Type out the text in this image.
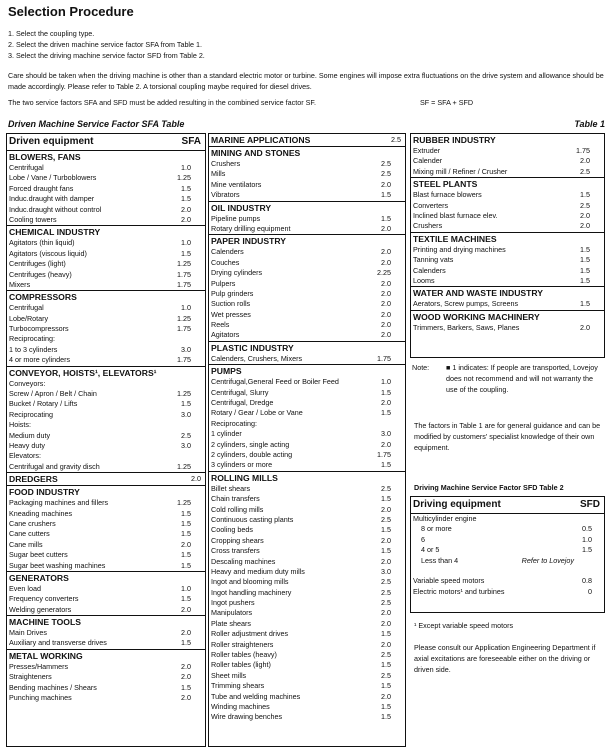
Selection Procedure
1. Select the coupling type.
2. Select the driven machine service factor SFA from Table 1.
3. Select the driving machine service factor SFD from Table 2.
Care should be taken when the driving machine is other than a standard electric motor or turbine. Some engines will impose extra fluctuations on the drive system and allowance should be made accordingly. Please refer to Table 2. A torsional coupling maybe required for diesel drives.
The two service factors SFA and SFD must be added resulting in the combined service factor SF.	SF = SFA + SFD
Driven Machine Service Factor SFA Table	Table 1
Driven equipment	SFA
BLOWERS, FANS
Centrifugal	1.0
Lobe / Vane / Turboblowers	1.25
Forced draught fans	1.5
Induc.draught with damper	1.5
Induc.draught without control	2.0
Cooling towers	2.0
CHEMICAL INDUSTRY
Agitators (thin liquid)	1.0
Agitators (viscous liquid)	1.5
Centrifuges (light)	1.25
Centrifuges (heavy)	1.75
Mixers	1.75
COMPRESSORS
Centrifugal	1.0
Lobe/Rotary	1.25
Turbocompressors	1.75
Reciprocating:
1 to 3 cylinders	3.0
4 or more cylinders	1.75
CONVEYOR, HOISTS¹, ELEVATORS¹
Conveyors:
Screw / Apron / Belt / Chain	1.25
Bucket / Rotary / Lifts	1.5
Reciprocating	3.0
Hoists:
Medium duty	2.5
Heavy duty	3.0
Elevators:
Centrifugal and gravity disch	1.25
DREDGERS	2.0
FOOD INDUSTRY
Packaging machines and fillers	1.25
Kneading machines	1.5
Cane crushers	1.5
Cane cutters	1.5
Cane mills	2.0
Sugar beet cutters	1.5
Sugar beet washing machines	1.5
GENERATORS
Even load	1.0
Frequency converters	1.5
Welding generators	2.0
MACHINE TOOLS
Main Drives	2.0
Auxiliary and transverse drives	1.5
METAL WORKING
Presses/Hammers	2.0
Straighteners	2.0
Bending machines / Shears	1.5
Punching machines	2.0
MARINE APPLICATIONS	2.5
MINING AND STONES
Crushers	2.5
Mills	2.5
Mine ventilators	2.0
Vibrators	1.5
OIL INDUSTRY
Pipeline pumps	1.5
Rotary drilling equipment	2.0
PAPER INDUSTRY
Calenders	2.0
Couches	2.0
Drying cylinders	2.25
Pulpers	2.0
Pulp grinders	2.0
Suction rolls	2.0
Wet presses	2.0
Reels	2.0
Agitators	2.0
PLASTIC INDUSTRY
Calenders, Crushers, Mixers	1.75
PUMPS
Centrifugal,General Feed or Boiler Feed	1.0
Centrifugal, Slurry	1.5
Centrifugal, Dredge	2.0
Rotary / Gear / Lobe or Vane	1.5
Reciprocating:
1 cylinder	3.0
2 cylinders, single acting	2.0
2 cylinders, double acting	1.75
3 cylinders or more	1.5
ROLLING MILLS
Billet shears	2.5
Chain transfers	1.5
Cold rolling mills	2.0
Continuous casting plants	2.5
Cooling beds	1.5
Cropping shears	2.0
Cross transfers	1.5
Descaling machines	2.0
Heavy and medium duty mills	3.0
Ingot and blooming mills	2.5
Ingot handling machinery	2.5
Ingot pushers	2.5
Manipulators	2.0
Plate shears	2.0
Roller adjustment drives	1.5
Roller straighteners	2.0
Roller tables (heavy)	2.5
Roller tables (light)	1.5
Sheet mills	2.5
Trimming shears	1.5
Tube and welding machines	2.0
Winding machines	1.5
Wire drawing benches	1.5
RUBBER INDUSTRY
Extruder	1.75
Calender	2.0
Mixing mill / Refiner / Crusher	2.5
STEEL PLANTS
Blast furnace blowers	1.5
Converters	2.5
Inclined blast furnace elev.	2.0
Crushers	2.0
TEXTILE MACHINES
Printing and drying machines	1.5
Tanning vats	1.5
Calenders	1.5
Looms	1.5
WATER AND WASTE INDUSTRY
Aerators, Screw pumps, Screens	1.5
WOOD WORKING MACHINERY
Trimmers, Barkers, Saws, Planes	2.0
Note:	■ 1 indicates: If people are transported, Lovejoy does not recommend and will not warranty the use of the coupling.
The factors in Table 1 are for general guidance and can be modified by customers' specialist knowledge of their own equipment.
Driving Machine Service Factor SFD Table 2
Driving equipment	SFD
Multicylinder engine
8 or more	0.5
6	1.0
4 or 5	1.5
Less than 4	Refer to Lovejoy
Variable speed motors	0.8
Electric motors¹ and turbines	0
¹ Except variable speed motors
Please consult our Application Engineering Department if axial excitations are foreseeable either on the driving or driven side.
